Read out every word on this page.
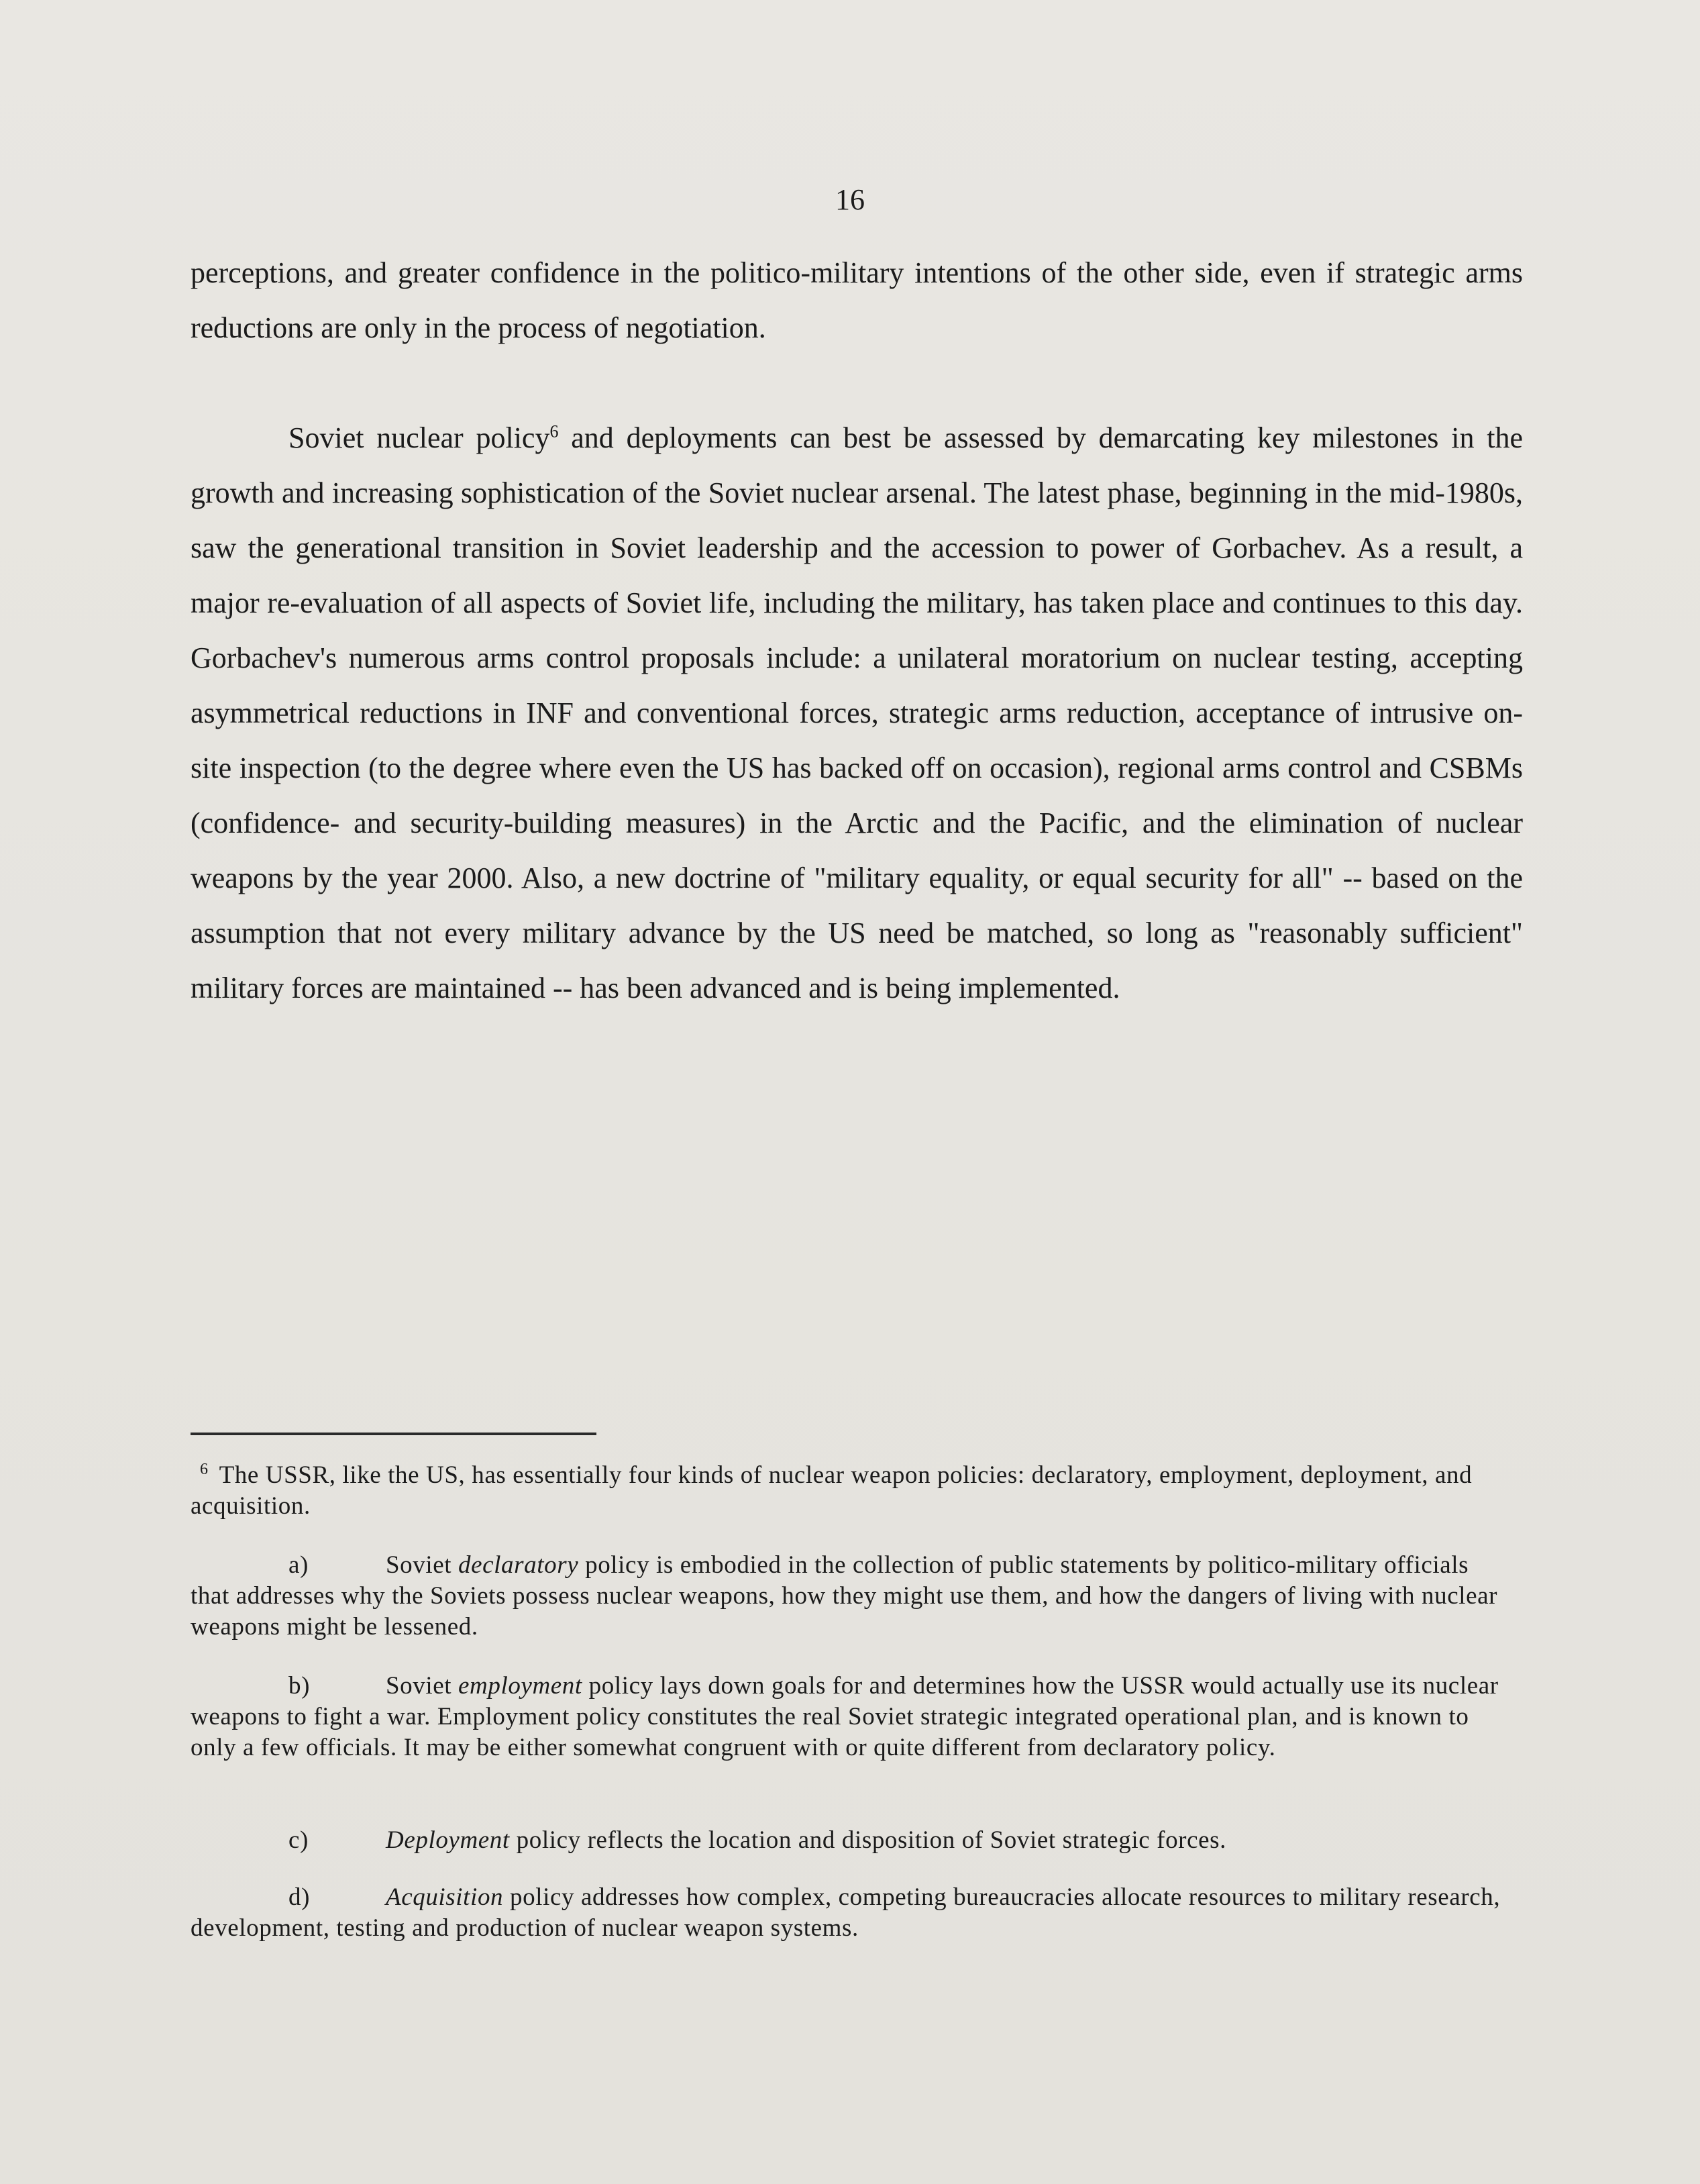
16

perceptions, and greater confidence in the politico-military intentions of the other side, even if strategic arms reductions are only in the process of negotiation.

Soviet nuclear policy$^6$ and deployments can best be assessed by demarcating key milestones in the growth and increasing sophistication of the Soviet nuclear arsenal. The latest phase, beginning in the mid-1980s, saw the generational transition in Soviet leadership and the accession to power of Gorbachev. As a result, a major re-evaluation of all aspects of Soviet life, including the military, has taken place and continues to this day. Gorbachev's numerous arms control proposals include: a unilateral moratorium on nuclear testing, accepting asymmetrical reductions in INF and conventional forces, strategic arms reduction, acceptance of intrusive on-site inspection (to the degree where even the US has backed off on occasion), regional arms control and CSBMs (confidence- and security-building measures) in the Arctic and the Pacific, and the elimination of nuclear weapons by the year 2000. Also, a new doctrine of "military equality, or equal security for all" -- based on the assumption that not every military advance by the US need be matched, so long as "reasonably sufficient" military forces are maintained -- has been advanced and is being implemented.

$^6$ The USSR, like the US, has essentially four kinds of nuclear weapon policies: declaratory, employment, deployment, and acquisition.

a)	Soviet declaratory policy is embodied in the collection of public statements by politico-military officials that addresses why the Soviets possess nuclear weapons, how they might use them, and how the dangers of living with nuclear weapons might be lessened.

b)	Soviet employment policy lays down goals for and determines how the USSR would actually use its nuclear weapons to fight a war. Employment policy constitutes the real Soviet strategic integrated operational plan, and is known to only a few officials. It may be either somewhat congruent with or quite different from declaratory policy.

c)	Deployment policy reflects the location and disposition of Soviet strategic forces.

d)	Acquisition policy addresses how complex, competing bureaucracies allocate resources to military research, development, testing and production of nuclear weapon systems.
